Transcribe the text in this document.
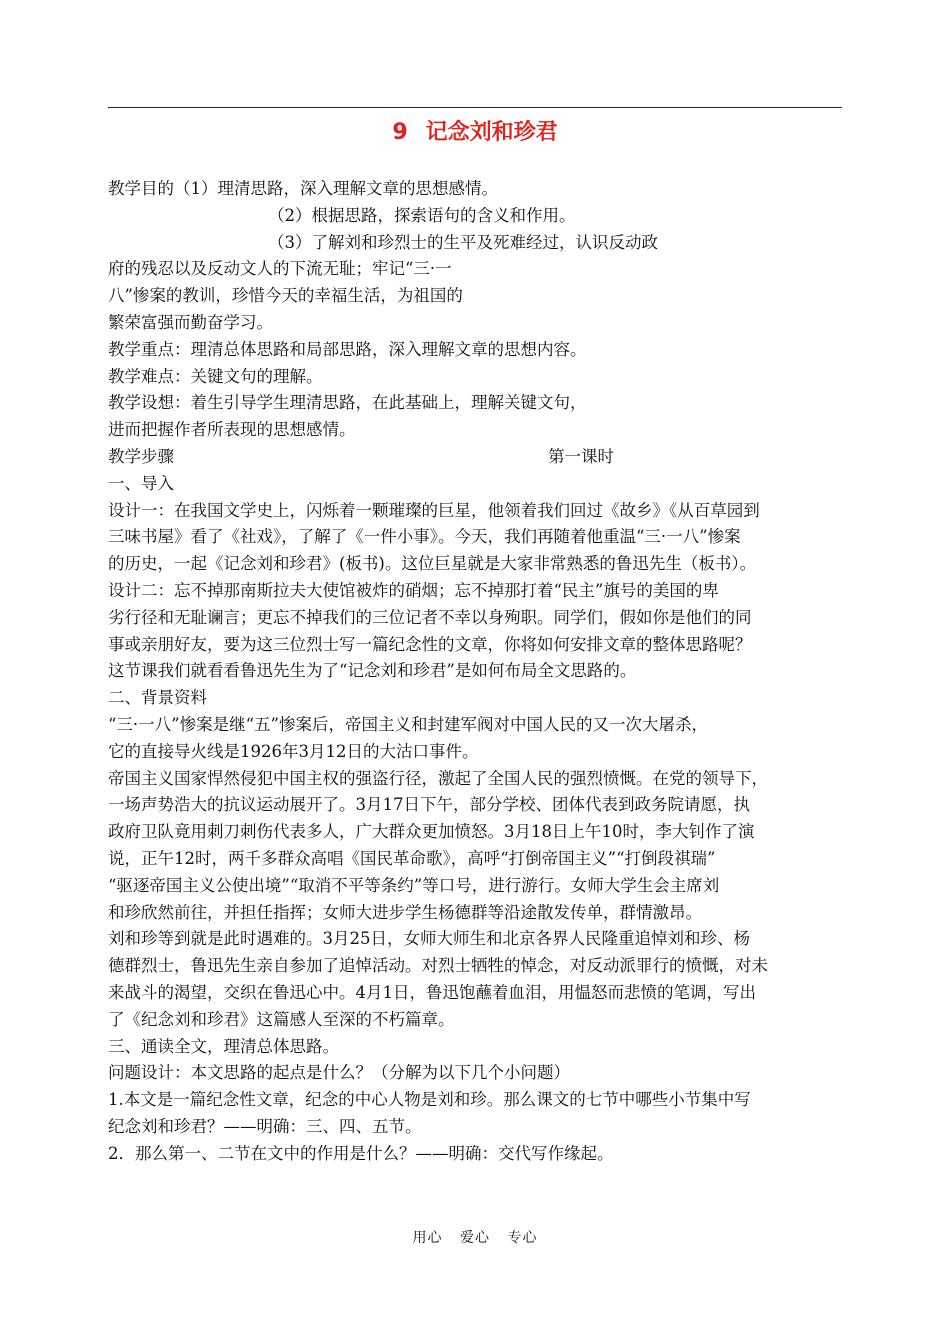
9 记念刘和珍君
教学目的（1）理清思路，深入理解文章的思想感情。
（2）根据思路，探索语句的含义和作用。
（3）了解刘和珍烈士的生平及死难经过，认识反动政
府的残忍以及反动文人的下流无耻；牢记“三·一
八”惨案的教训，珍惜今天的幸福生活，为祖国的
繁荣富强而勤奋学习。
教学重点：理清总体思路和局部思路，深入理解文章的思想内容。
教学难点：关键文句的理解。
教学设想：着生引导学生理清思路，在此基础上，理解关键文句，
进而把握作者所表现的思想感情。
教学步骤	第一课时
一、导入
设计一：在我国文学史上，闪烁着一颗璀璨的巨星，他领着我们回过《故乡》《从百草园到
三味书屋》看了《社戏》，了解了《一件小事》。今天，我们再随着他重温“三·一八”惨案
的历史，一起《记念刘和珍君》(板书)。这位巨星就是大家非常熟悉的鲁迅先生（板书）。
设计二：忘不掉那南斯拉夫大使馆被炸的硝烟；忘不掉那打着“民主”旗号的美国的卑
劣行径和无耻谰言；更忘不掉我们的三位记者不幸以身殉职。同学们，假如你是他们的同
事或亲朋好友，要为这三位烈士写一篇纪念性的文章，你将如何安排文章的整体思路呢？
这节课我们就看看鲁迅先生为了“记念刘和珍君”是如何布局全文思路的。
二、背景资料
“三·一八”惨案是继“五”惨案后，帝国主义和封建军阀对中国人民的又一次大屠杀，
它的直接导火线是1926年3月12日的大沽口事件。
帝国主义国家悍然侵犯中国主权的强盗行径，激起了全国人民的强烈愤慨。在党的领导下，
一场声势浩大的抗议运动展开了。3月17日下午，部分学校、团体代表到政务院请愿，执
政府卫队竟用刺刀刺伤代表多人，广大群众更加愤怒。3月18日上午10时，李大钊作了演
说，正午12时，两千多群众高唱《国民革命歌》，高呼“打倒帝国主义”“打倒段祺瑞”
“驱逐帝国主义公使出境”“取消不平等条约”等口号，进行游行。女师大学生会主席刘
和珍欣然前往，并担任指挥；女师大进步学生杨德群等沿途散发传单，群情激昂。
刘和珍等到就是此时遇难的。3月25日，女师大师生和北京各界人民隆重追悼刘和珍、杨
德群烈士，鲁迅先生亲自参加了追悼活动。对烈士牺牲的悼念，对反动派罪行的愤慨，对未
来战斗的渴望，交织在鲁迅心中。4月1日，鲁迅饱蘸着血泪，用愠怒而悲愤的笔调，写出
了《纪念刘和珍君》这篇感人至深的不朽篇章。
三、通读全文，理清总体思路。
问题设计：本文思路的起点是什么？（分解为以下几个小问题）
1.本文是一篇纪念性文章，纪念的中心人物是刘和珍。那么课文的七节中哪些小节集中写
纪念刘和珍君？——明确：三、四、五节。
2．那么第一、二节在文中的作用是什么？——明确：交代写作缘起。
用心 爱心 专心
